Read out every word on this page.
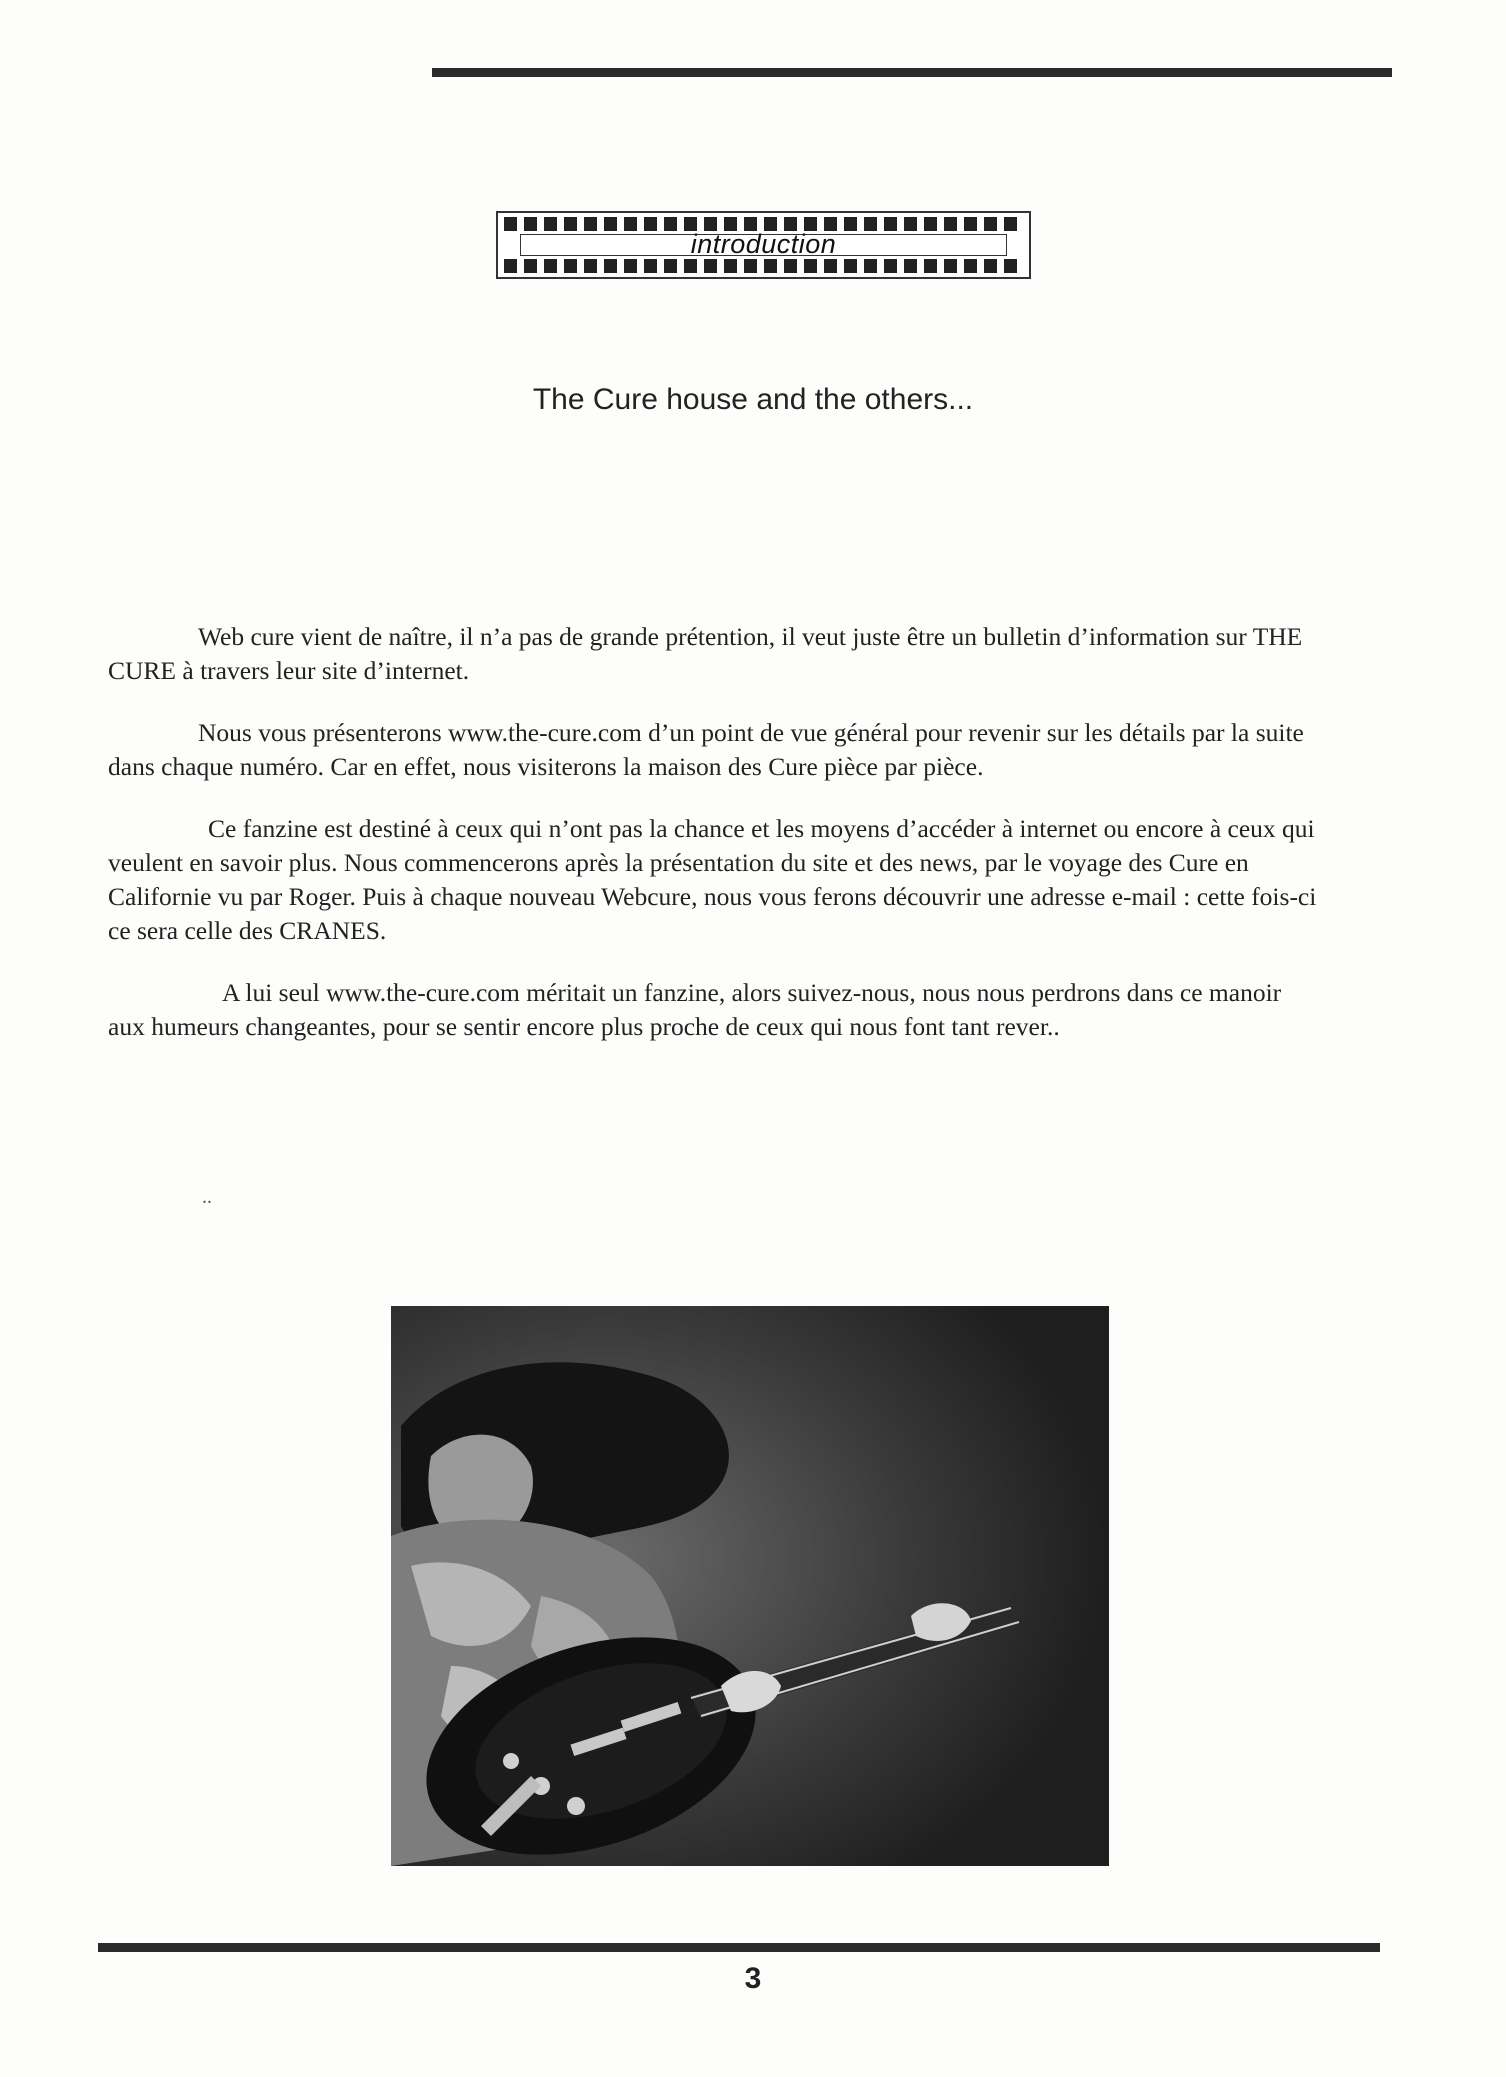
introduction
The Cure house and the others...

Web cure vient de naître, il n’a pas de grande prétention, il veut juste être un bulletin d’information sur THE CURE à travers leur site d’internet.

Nous vous présenterons www.the-cure.com d’un point de vue général pour revenir sur les détails par la suite dans chaque numéro. Car en effet, nous visiterons la maison des Cure pièce par pièce.

Ce fanzine est destiné à ceux qui n’ont pas la chance et les moyens d’accéder à internet ou encore à ceux qui veulent en savoir plus. Nous commencerons après la présentation du site et des news, par le voyage des Cure en Californie vu par Roger. Puis à chaque nouveau Webcure, nous vous ferons découvrir une adresse e-mail : cette fois-ci ce sera celle des CRANES.

A lui seul www.the-cure.com méritait un fanzine, alors suivez-nous, nous nous perdrons dans ce manoir aux humeurs changeantes, pour se sentir encore plus proche de ceux qui nous font tant rever..

..
3
